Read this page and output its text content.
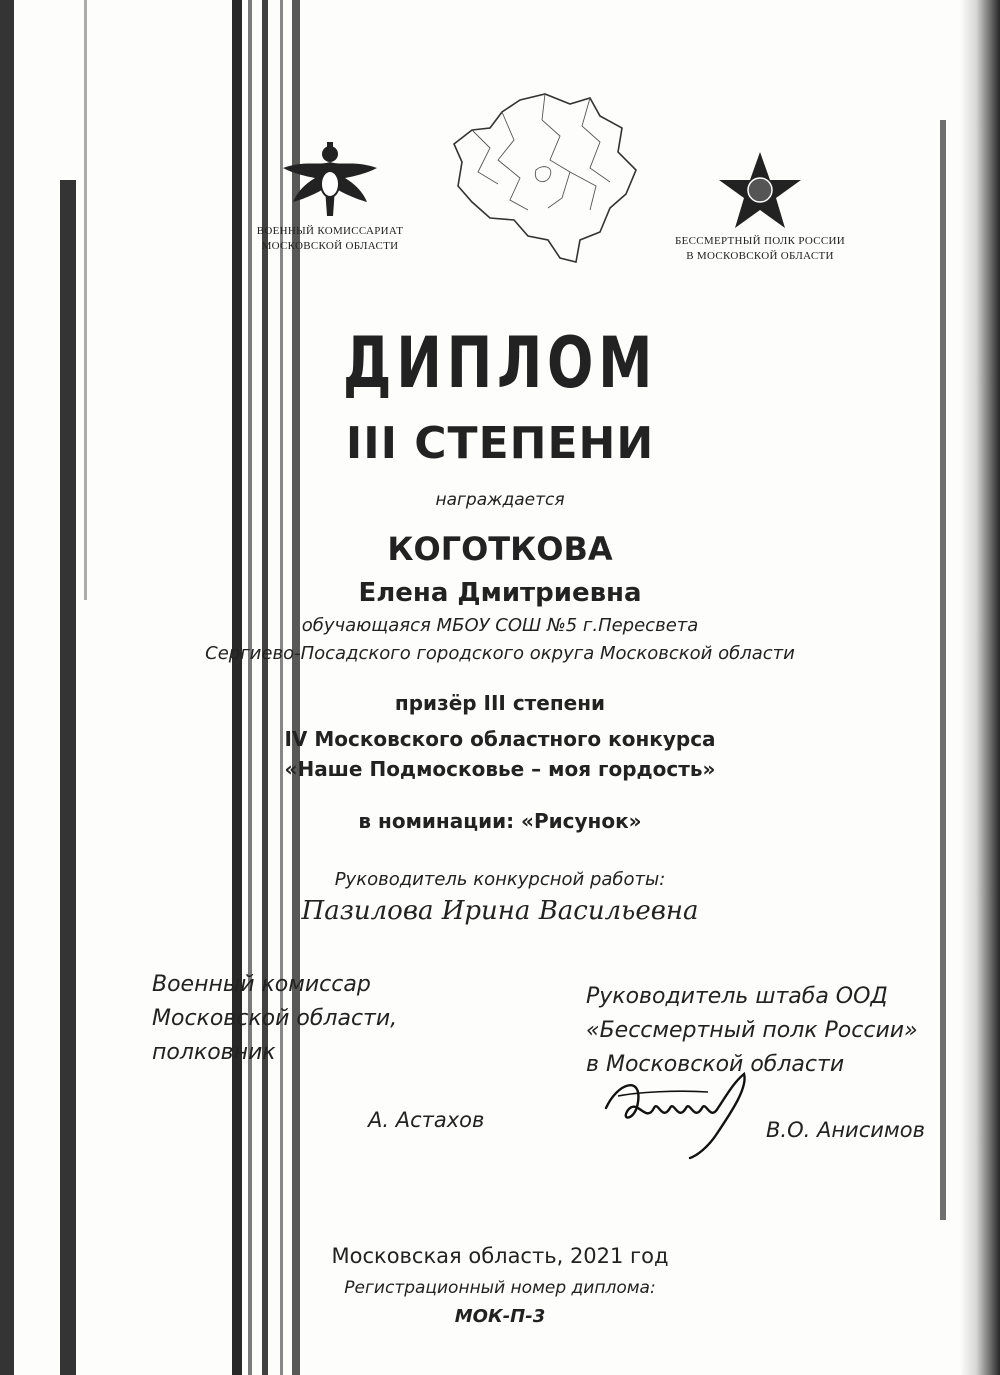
ВОЕННЫЙ КОМИССАРИАТ
МОСКОВСКОЙ ОБЛАСТИ	БЕССМЕРТНЫЙ ПОЛК РОССИИ
В МОСКОВСКОЙ ОБЛАСТИ
ДИПЛОМ
III СТЕПЕНИ
награждается
КОГОТКОВА
Елена Дмитриевна
обучающаяся МБОУ СОШ №5 г.Пересвета
Сергиево-Посадского городского округа Московской области
призёр III степени
IV Московского областного конкурса
«Наше Подмосковье – моя гордость»
в номинации: «Рисунок»
Руководитель конкурсной работы:
Пазилова Ирина Васильевна
Военный комиссар
Московской области,
полковник
А. Астахов
Руководитель штаба ООД
«Бессмертный полк России»
в Московской области
В.О. Анисимов
Московская область, 2021 год
Регистрационный номер диплома:
МОК-П-3
